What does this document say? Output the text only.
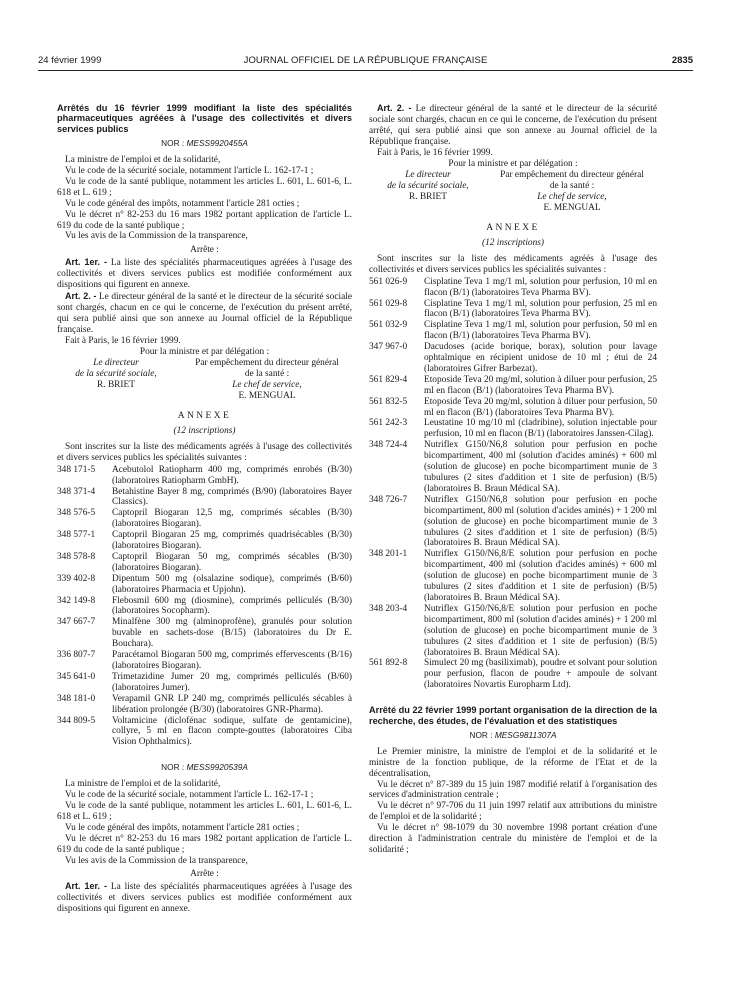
24 février 1999	JOURNAL OFFICIEL DE LA RÉPUBLIQUE FRANÇAISE	2835
Arrêtés du 16 février 1999 modifiant la liste des spécialités pharmaceutiques agréées à l'usage des collectivités et divers services publics
NOR : MESS9920455A

La ministre de l'emploi et de la solidarité,

Vu le code de la sécurité sociale, notamment l'article L. 162-17-1 ;

Vu le code de la santé publique, notamment les articles L. 601, L. 601-6, L. 618 et L. 619 ;

Vu le code général des impôts, notamment l'article 281 octies ;

Vu le décret n° 82-253 du 16 mars 1982 portant application de l'article L. 619 du code de la santé publique ;

Vu les avis de la Commission de la transparence,

Arrête :

Art. 1er. - La liste des spécialités pharmaceutiques agréées à l'usage des collectivités et divers services publics est modifiée conformément aux dispositions qui figurent en annexe.

Art. 2. - Le directeur général de la santé et le directeur de la sécurité sociale sont chargés, chacun en ce qui le concerne, de l'exécution du présent arrêté, qui sera publié ainsi que son annexe au Journal officiel de la République française.

Fait à Paris, le 16 février 1999.

Pour la ministre et par délégation :

Le directeur
de la sécurité sociale,
R. BRIET
Par empêchement du directeur général
de la santé :
Le chef de service,
E. MENGUAL
ANNEXE
(12 inscriptions)

Sont inscrites sur la liste des médicaments agréés à l'usage des collectivités et divers services publics les spécialités suivantes :

348 171-5	Acebutolol Ratiopharm 400 mg, comprimés enrobés (B/30) (laboratoires Ratiopharm GmbH).
348 371-4	Betahistine Bayer 8 mg, comprimés (B/90) (laboratoires Bayer Classics).
348 576-5	Captopril Biogaran 12,5 mg, comprimés sécables (B/30) (laboratoires Biogaran).
348 577-1	Captopril Biogaran 25 mg, comprimés quadrisécables (B/30) (laboratoires Biogaran).
348 578-8	Captopril Biogaran 50 mg, comprimés sécables (B/30) (laboratoires Biogaran).
339 402-8	Dipentum 500 mg (olsalazine sodique), comprimés (B/60) (laboratoires Pharmacia et Upjohn).
342 149-8	Flebosmil 600 mg (diosmine), comprimés pelliculés (B/30) (laboratoires Socopharm).
347 667-7	Minalfène 300 mg (alminoprofène), granulés pour solution buvable en sachets-dose (B/15) (laboratoires du Dr E. Bouchara).
336 807-7	Paracétamol Biogaran 500 mg, comprimés effervescents (B/16) (laboratoires Biogaran).
345 641-0	Trimetazidine Jumer 20 mg, comprimés pelliculés (B/60) (laboratoires Jumer).
348 181-0	Verapamil GNR LP 240 mg, comprimés pelliculés sécables à libération prolongée (B/30) (laboratoires GNR-Pharma).
344 809-5	Voltamicine (diclofénac sodique, sulfate de gentamicine), collyre, 5 ml en flacon compte-gouttes (laboratoires Ciba Vision Ophthalmics).
NOR : MESS9920539A

La ministre de l'emploi et de la solidarité,

Vu le code de la sécurité sociale, notamment l'article L. 162-17-1 ;

Vu le code de la santé publique, notamment les articles L. 601, L. 601-6, L. 618 et L. 619 ;

Vu le code général des impôts, notamment l'article 281 octies ;

Vu le décret n° 82-253 du 16 mars 1982 portant application de l'article L. 619 du code de la santé publique ;

Vu les avis de la Commission de la transparence,

Arrête :

Art. 1er. - La liste des spécialités pharmaceutiques agréées à l'usage des collectivités et divers services publics est modifiée conformément aux dispositions qui figurent en annexe.

Art. 2. - Le directeur général de la santé et le directeur de la sécurité sociale sont chargés, chacun en ce qui le concerne, de l'exécution du présent arrêté, qui sera publié ainsi que son annexe au Journal officiel de la République française.

Fait à Paris, le 16 février 1999.

Pour la ministre et par délégation :

Le directeur
de la sécurité sociale,
R. BRIET
Par empêchement du directeur général
de la santé :
Le chef de service,
E. MENGUAL
ANNEXE
(12 inscriptions)

Sont inscrites sur la liste des médicaments agréés à l'usage des collectivités et divers services publics les spécialités suivantes :

561 026-9	Cisplatine Teva 1 mg/1 ml, solution pour perfusion, 10 ml en flacon (B/1) (laboratoires Teva Pharma BV).
561 029-8	Cisplatine Teva 1 mg/1 ml, solution pour perfusion, 25 ml en flacon (B/1) (laboratoires Teva Pharma BV).
561 032-9	Cisplatine Teva 1 mg/1 ml, solution pour perfusion, 50 ml en flacon (B/1) (laboratoires Teva Pharma BV).
347 967-0	Dacudoses (acide borique, borax), solution pour lavage ophtalmique en récipient unidose de 10 ml ; étui de 24 (laboratoires Gifrer Barbezat).
561 829-4	Etoposide Teva 20 mg/ml, solution à diluer pour perfusion, 25 ml en flacon (B/1) (laboratoires Teva Pharma BV).
561 832-5	Etoposide Teva 20 mg/ml, solution à diluer pour perfusion, 50 ml en flacon (B/1) (laboratoires Teva Pharma BV).
561 242-3	Leustatine 10 mg/10 ml (cladribine), solution injectable pour perfusion, 10 ml en flacon (B/1) (laboratoires Janssen-Cilag).
348 724-4	Nutriflex G150/N6,8 solution pour perfusion en poche bicompartiment, 400 ml (solution d'acides aminés) + 600 ml (solution de glucose) en poche bicompartiment munie de 3 tubulures (2 sites d'addition et 1 site de perfusion) (B/5) (laboratoires B. Braun Médical SA).
348 726-7	Nutriflex G150/N6,8 solution pour perfusion en poche bicompartiment, 800 ml (solution d'acides aminés) + 1 200 ml (solution de glucose) en poche bicompartiment munie de 3 tubulures (2 sites d'addition et 1 site de perfusion) (B/5) (laboratoires B. Braun Médical SA).
348 201-1	Nutriflex G150/N6,8/E solution pour perfusion en poche bicompartiment, 400 ml (solution d'acides aminés) + 600 ml (solution de glucose) en poche bicompartiment munie de 3 tubulures (2 sites d'addition et 1 site de perfusion) (B/5) (laboratoires B. Braun Médical SA).
348 203-4	Nutriflex G150/N6,8/E solution pour perfusion en poche bicompartiment, 800 ml (solution d'acides aminés) + 1 200 ml (solution de glucose) en poche bicompartiment munie de 3 tubulures (2 sites d'addition et 1 site de perfusion) (B/5) (laboratoires B. Braun Médical SA).
561 892-8	Simulect 20 mg (basiliximab), poudre et solvant pour solution pour perfusion, flacon de poudre + ampoule de solvant (laboratoires Novartis Europharm Ltd).
Arrêté du 22 février 1999 portant organisation de la direction de la recherche, des études, de l'évaluation et des statistiques
NOR : MESG9811307A

Le Premier ministre, la ministre de l'emploi et de la solidarité et le ministre de la fonction publique, de la réforme de l'Etat et de la décentralisation,

Vu le décret n° 87-389 du 15 juin 1987 modifié relatif à l'organisation des services d'administration centrale ;

Vu le décret n° 97-706 du 11 juin 1997 relatif aux attributions du ministre de l'emploi et de la solidarité ;

Vu le décret n° 98-1079 du 30 novembre 1998 portant création d'une direction à l'administration centrale du ministère de l'emploi et de la solidarité ;
